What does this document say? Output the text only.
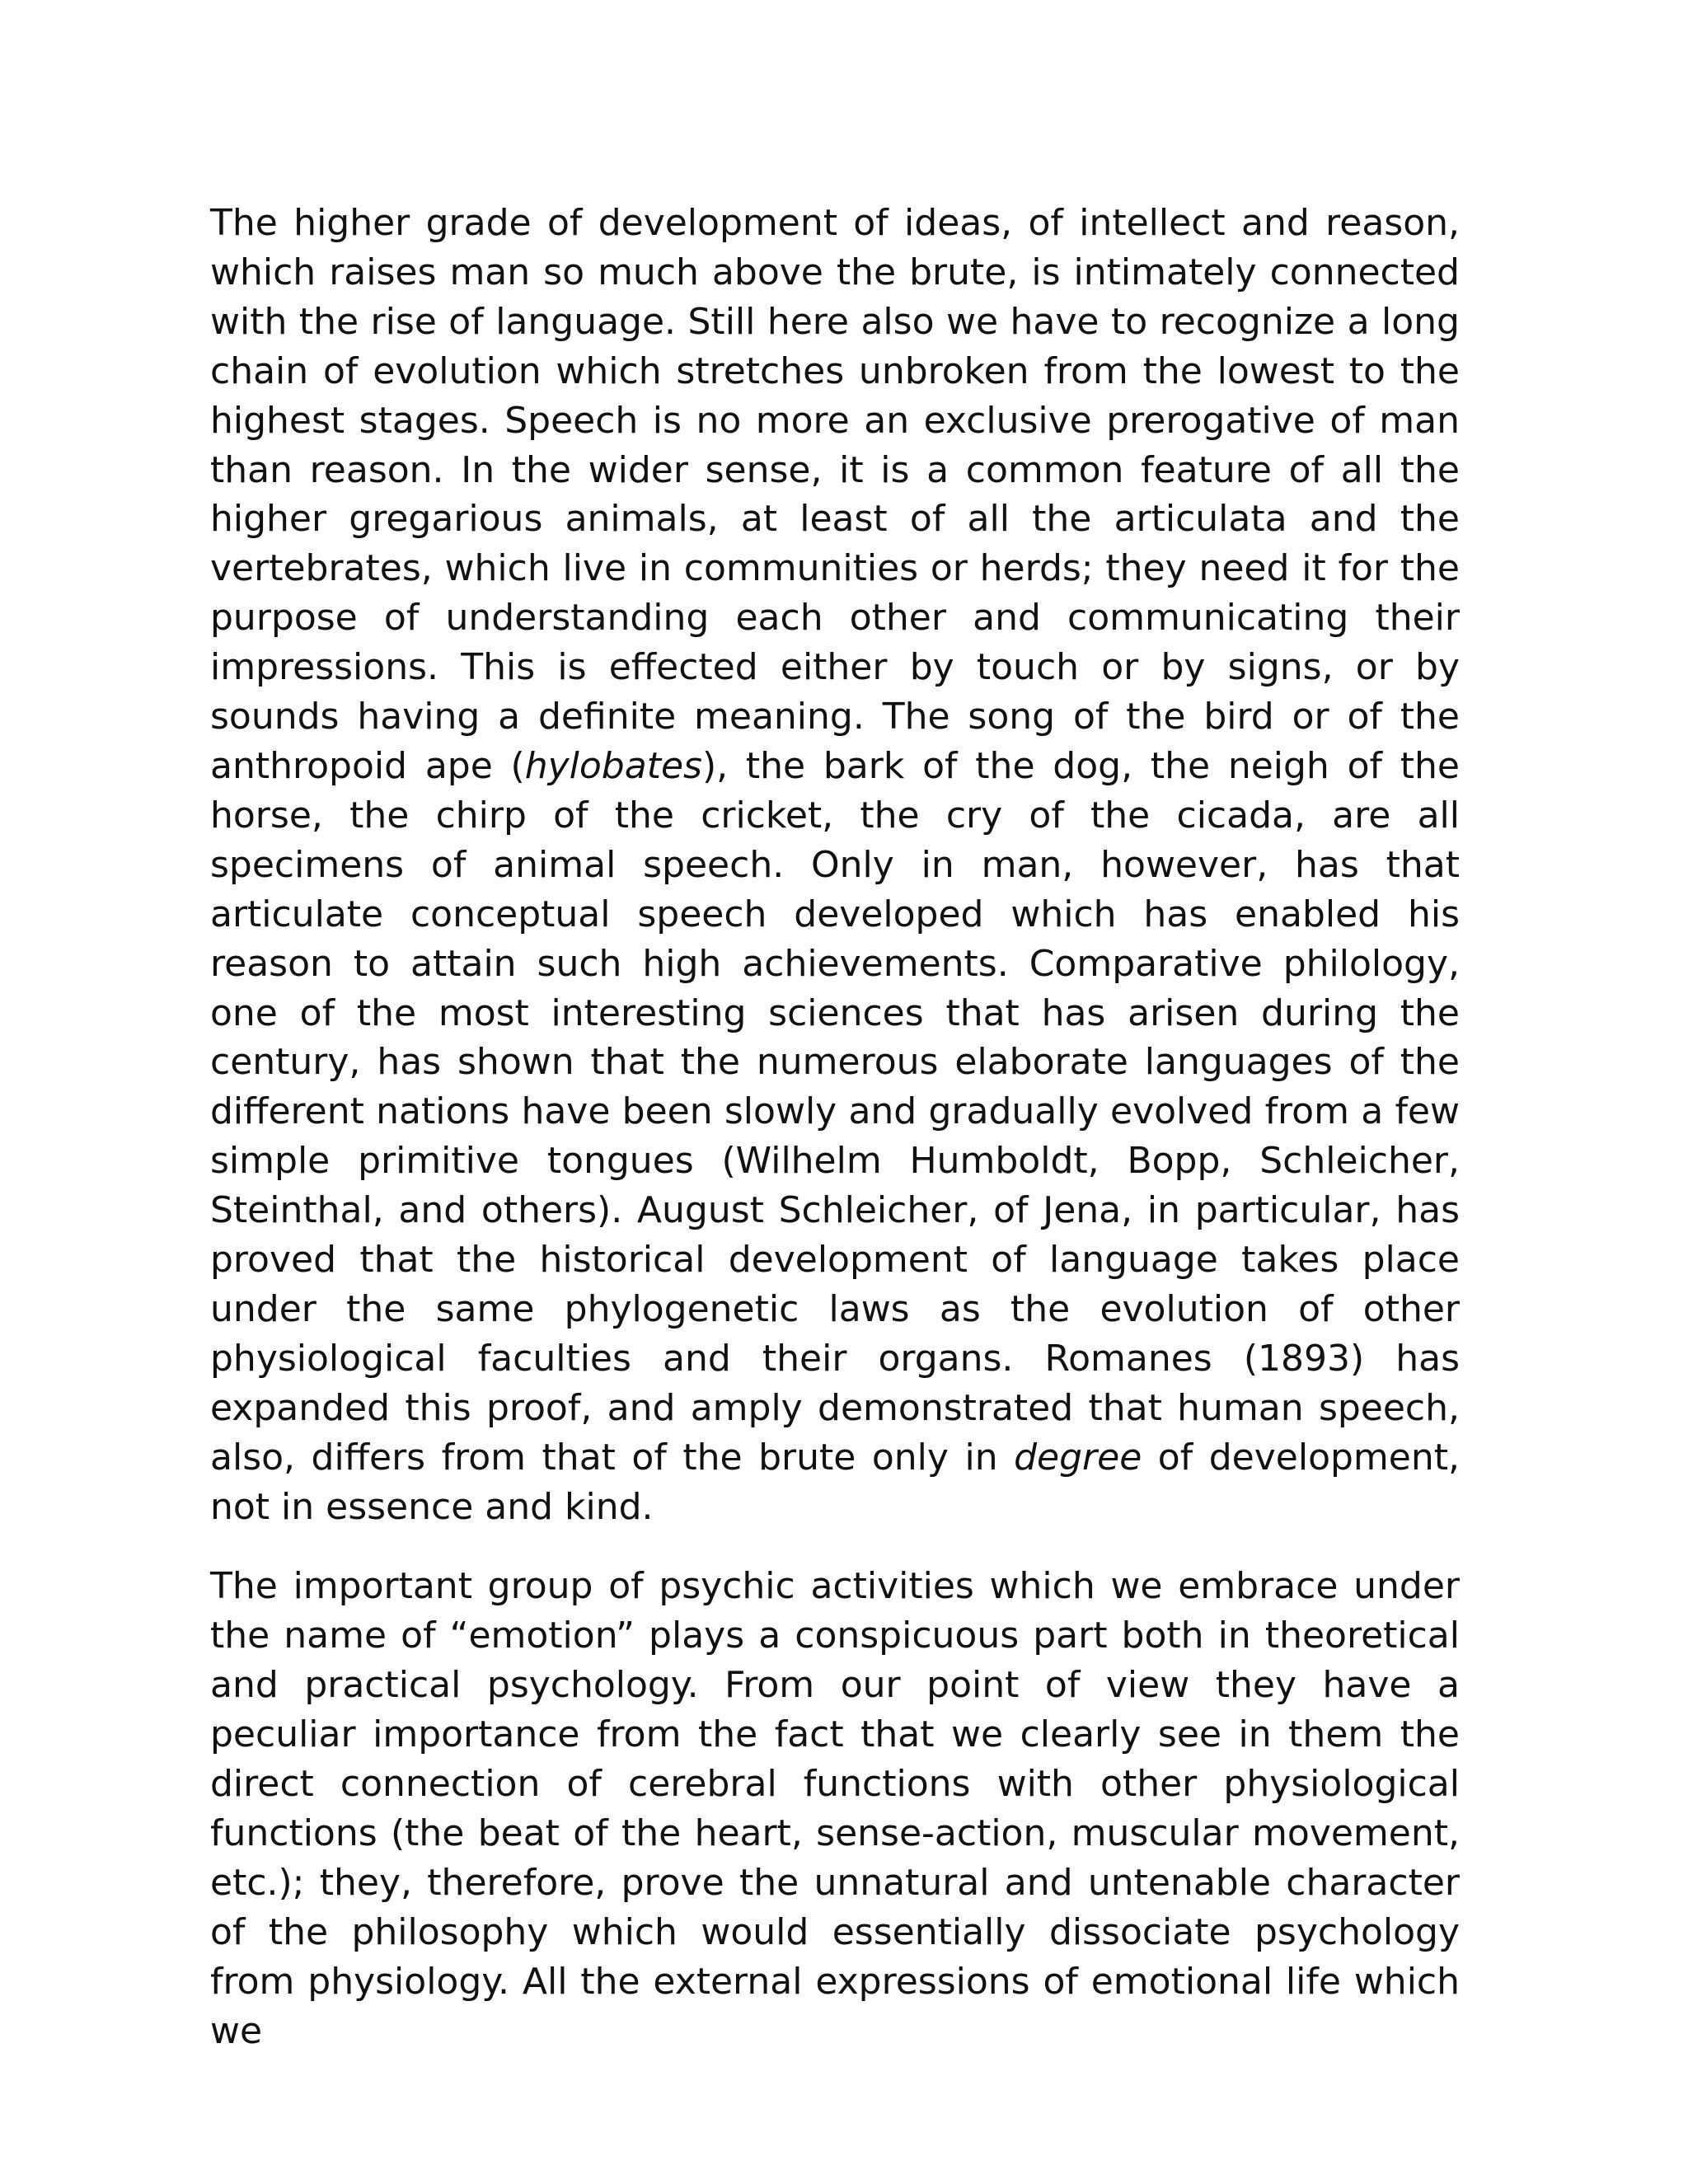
The higher grade of development of ideas, of intellect and reason, which raises man so much above the brute, is intimately connected with the rise of language. Still here also we have to recognize a long chain of evolution which stretches unbroken from the lowest to the highest stages. Speech is no more an exclusive prerogative of man than reason. In the wider sense, it is a common feature of all the higher gregarious animals, at least of all the articulata and the vertebrates, which live in communities or herds; they need it for the purpose of understanding each other and communicating their impressions. This is effected either by touch or by signs, or by sounds having a definite meaning. The song of the bird or of the anthropoid ape (hylobates), the bark of the dog, the neigh of the horse, the chirp of the cricket, the cry of the cicada, are all specimens of animal speech. Only in man, however, has that articulate conceptual speech developed which has enabled his reason to attain such high achievements. Comparative philology, one of the most interesting sciences that has arisen during the century, has shown that the numerous elaborate languages of the different nations have been slowly and gradually evolved from a few simple primitive tongues (Wilhelm Humboldt, Bopp, Schleicher, Steinthal, and others). August Schleicher, of Jena, in particular, has proved that the historical development of language takes place under the same phylogenetic laws as the evolution of other physiological faculties and their organs. Romanes (1893) has expanded this proof, and amply demonstrated that human speech, also, differs from that of the brute only in degree of development, not in essence and kind.

The important group of psychic activities which we embrace under the name of “emotion” plays a conspicuous part both in theoretical and practical psychology. From our point of view they have a peculiar importance from the fact that we clearly see in them the direct connection of cerebral functions with other physiological functions (the beat of the heart, sense-action, muscular movement, etc.); they, therefore, prove the unnatural and untenable character of the philosophy which would essentially dissociate psychology from physiology. All the external expressions of emotional life which we
